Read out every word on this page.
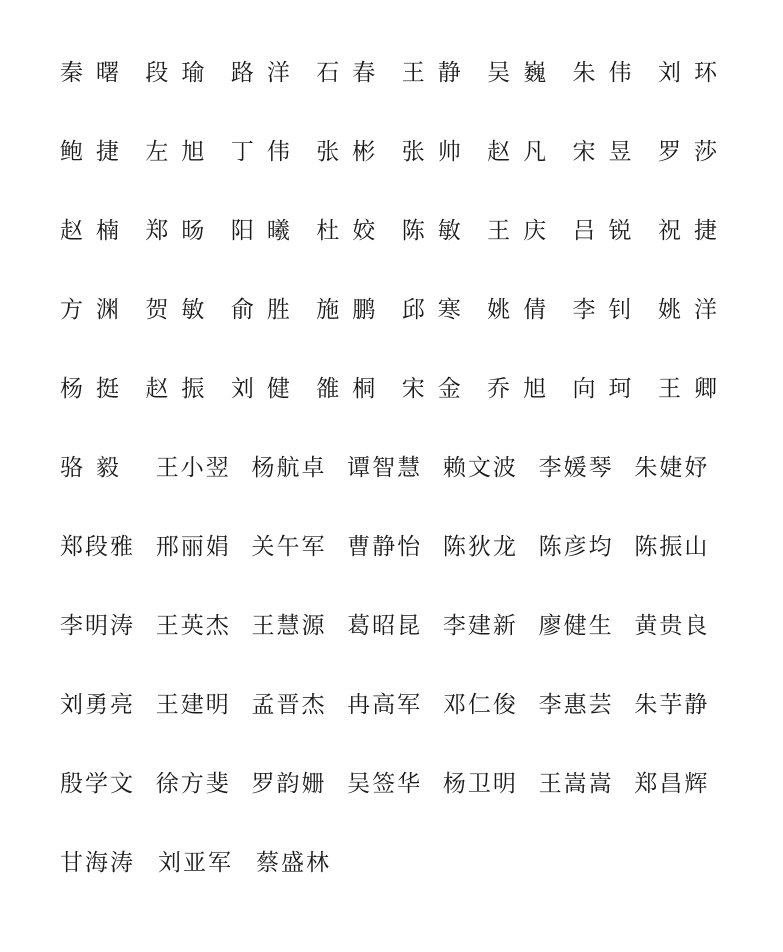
秦曙 段瑜 路洋 石春 王静 吴巍 朱伟 刘环
鲍捷 左旭 丁伟 张彬 张帅 赵凡 宋昱 罗莎
赵楠 郑旸 阳曦 杜姣 陈敏 王庆 吕锐 祝捷
方渊 贺敏 俞胜 施鹏 邱寒 姚倩 李钊 姚洋
杨挺 赵振 刘健 雒桐 宋金 乔旭 向珂 王卿
骆毅	王小翌 杨航卓 谭智慧 赖文波 李媛琴 朱婕妤
郑段雅 邢丽娟 关午军 曹静怡 陈狄龙 陈彦均 陈振山
李明涛 王英杰 王慧源 葛昭昆 李建新 廖健生 黄贵良
刘勇亮 王建明 孟晋杰 冉高军 邓仁俊 李惠芸 朱芋静
殷学文 徐方斐 罗韵姗 吴签华 杨卫明 王嵩嵩 郑昌辉
甘海涛	刘亚军	蔡盛林
